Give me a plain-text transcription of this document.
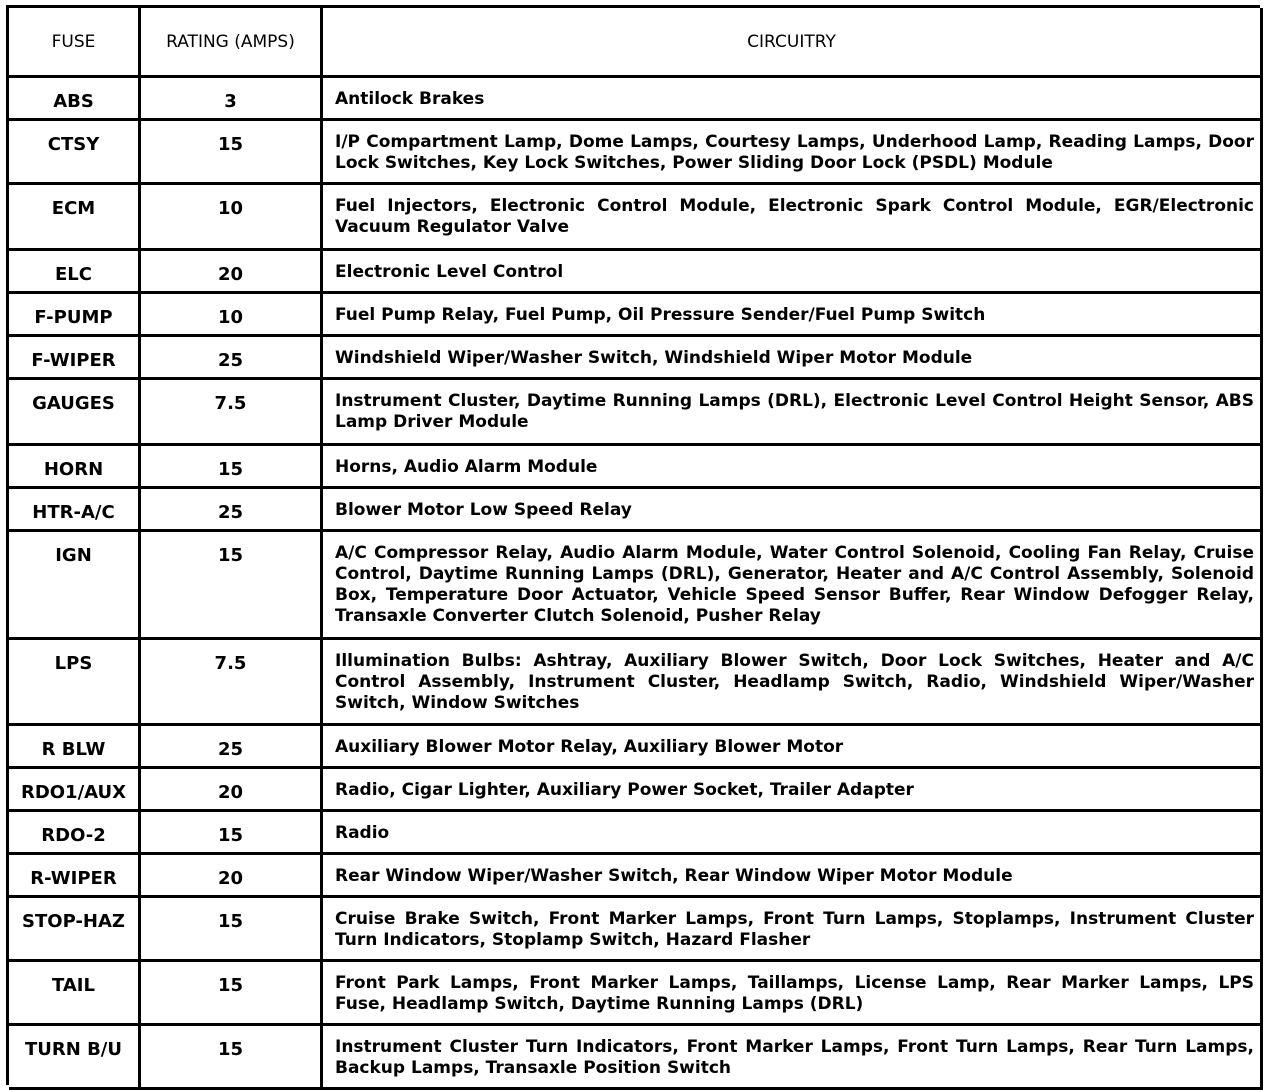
FUSE	RATING (AMPS)	CIRCUITRY
ABS	3	Antilock Brakes
CTSY	15	I/P Compartment Lamp, Dome Lamps, Courtesy Lamps, Underhood Lamp, Reading Lamps, Door Lock Switches, Key Lock Switches, Power Sliding Door Lock (PSDL) Module
ECM	10	Fuel Injectors, Electronic Control Module, Electronic Spark Control Module, EGR/Electronic Vacuum Regulator Valve
ELC	20	Electronic Level Control
F-PUMP	10	Fuel Pump Relay, Fuel Pump, Oil Pressure Sender/Fuel Pump Switch
F-WIPER	25	Windshield Wiper/Washer Switch, Windshield Wiper Motor Module
GAUGES	7.5	Instrument Cluster, Daytime Running Lamps (DRL), Electronic Level Control Height Sensor, ABS Lamp Driver Module
HORN	15	Horns, Audio Alarm Module
HTR-A/C	25	Blower Motor Low Speed Relay
IGN	15	A/C Compressor Relay, Audio Alarm Module, Water Control Solenoid, Cooling Fan Relay, Cruise Control, Daytime Running Lamps (DRL), Generator, Heater and A/C Control Assembly, Solenoid Box, Temperature Door Actuator, Vehicle Speed Sensor Buffer, Rear Window Defogger Relay, Transaxle Converter Clutch Solenoid, Pusher Relay
LPS	7.5	Illumination Bulbs: Ashtray, Auxiliary Blower Switch, Door Lock Switches, Heater and A/C Control Assembly, Instrument Cluster, Headlamp Switch, Radio, Windshield Wiper/Washer Switch, Window Switches
R BLW	25	Auxiliary Blower Motor Relay, Auxiliary Blower Motor
RDO1/AUX	20	Radio, Cigar Lighter, Auxiliary Power Socket, Trailer Adapter
RDO-2	15	Radio
R-WIPER	20	Rear Window Wiper/Washer Switch, Rear Window Wiper Motor Module
STOP-HAZ	15	Cruise Brake Switch, Front Marker Lamps, Front Turn Lamps, Stoplamps, Instrument Cluster Turn Indicators, Stoplamp Switch, Hazard Flasher
TAIL	15	Front Park Lamps, Front Marker Lamps, Taillamps, License Lamp, Rear Marker Lamps, LPS Fuse, Headlamp Switch, Daytime Running Lamps (DRL)
TURN B/U	15	Instrument Cluster Turn Indicators, Front Marker Lamps, Front Turn Lamps, Rear Turn Lamps, Backup Lamps, Transaxle Position Switch
